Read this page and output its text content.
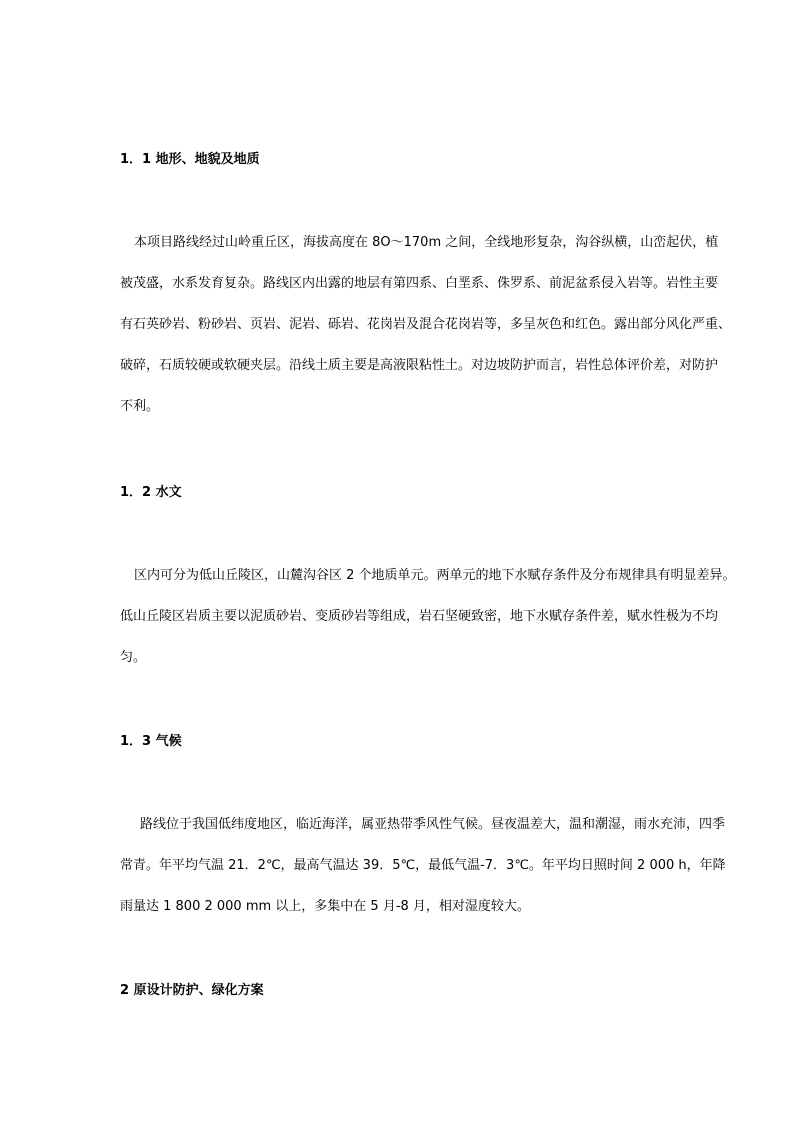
1．1 地形、地貌及地质
本项目路线经过山岭重丘区，海拔高度在 8O～170m 之间，全线地形复杂，沟谷纵横，山峦起伏，植
被茂盛，水系发育复杂。路线区内出露的地层有第四系、白垩系、侏罗系、前泥盆系侵入岩等。岩性主要
有石英砂岩、粉砂岩、页岩、泥岩、砾岩、花岗岩及混合花岗岩等，多呈灰色和红色。露出部分风化严重、
破碎，石质较硬或软硬夹层。沿线土质主要是高液限粘性土。对边坡防护而言，岩性总体评价差，对防护
不利。
1．2 水文
区内可分为低山丘陵区，山麓沟谷区 2 个地质单元。两单元的地下水赋存条件及分布规律具有明显差异。
低山丘陵区岩质主要以泥质砂岩、变质砂岩等组成，岩石坚硬致密，地下水赋存条件差，赋水性极为不均
匀。
1．3 气候
路线位于我国低纬度地区，临近海洋，属亚热带季风性气候。昼夜温差大，温和潮湿，雨水充沛，四季
常青。年平均气温 21．2℃，最高气温达 39．5℃，最低气温-7．3℃。年平均日照时间 2 000 h，年降
雨量达 1 800 2 000 mm 以上，多集中在 5 月-8 月，相对湿度较大。
2 原设计防护、绿化方案
